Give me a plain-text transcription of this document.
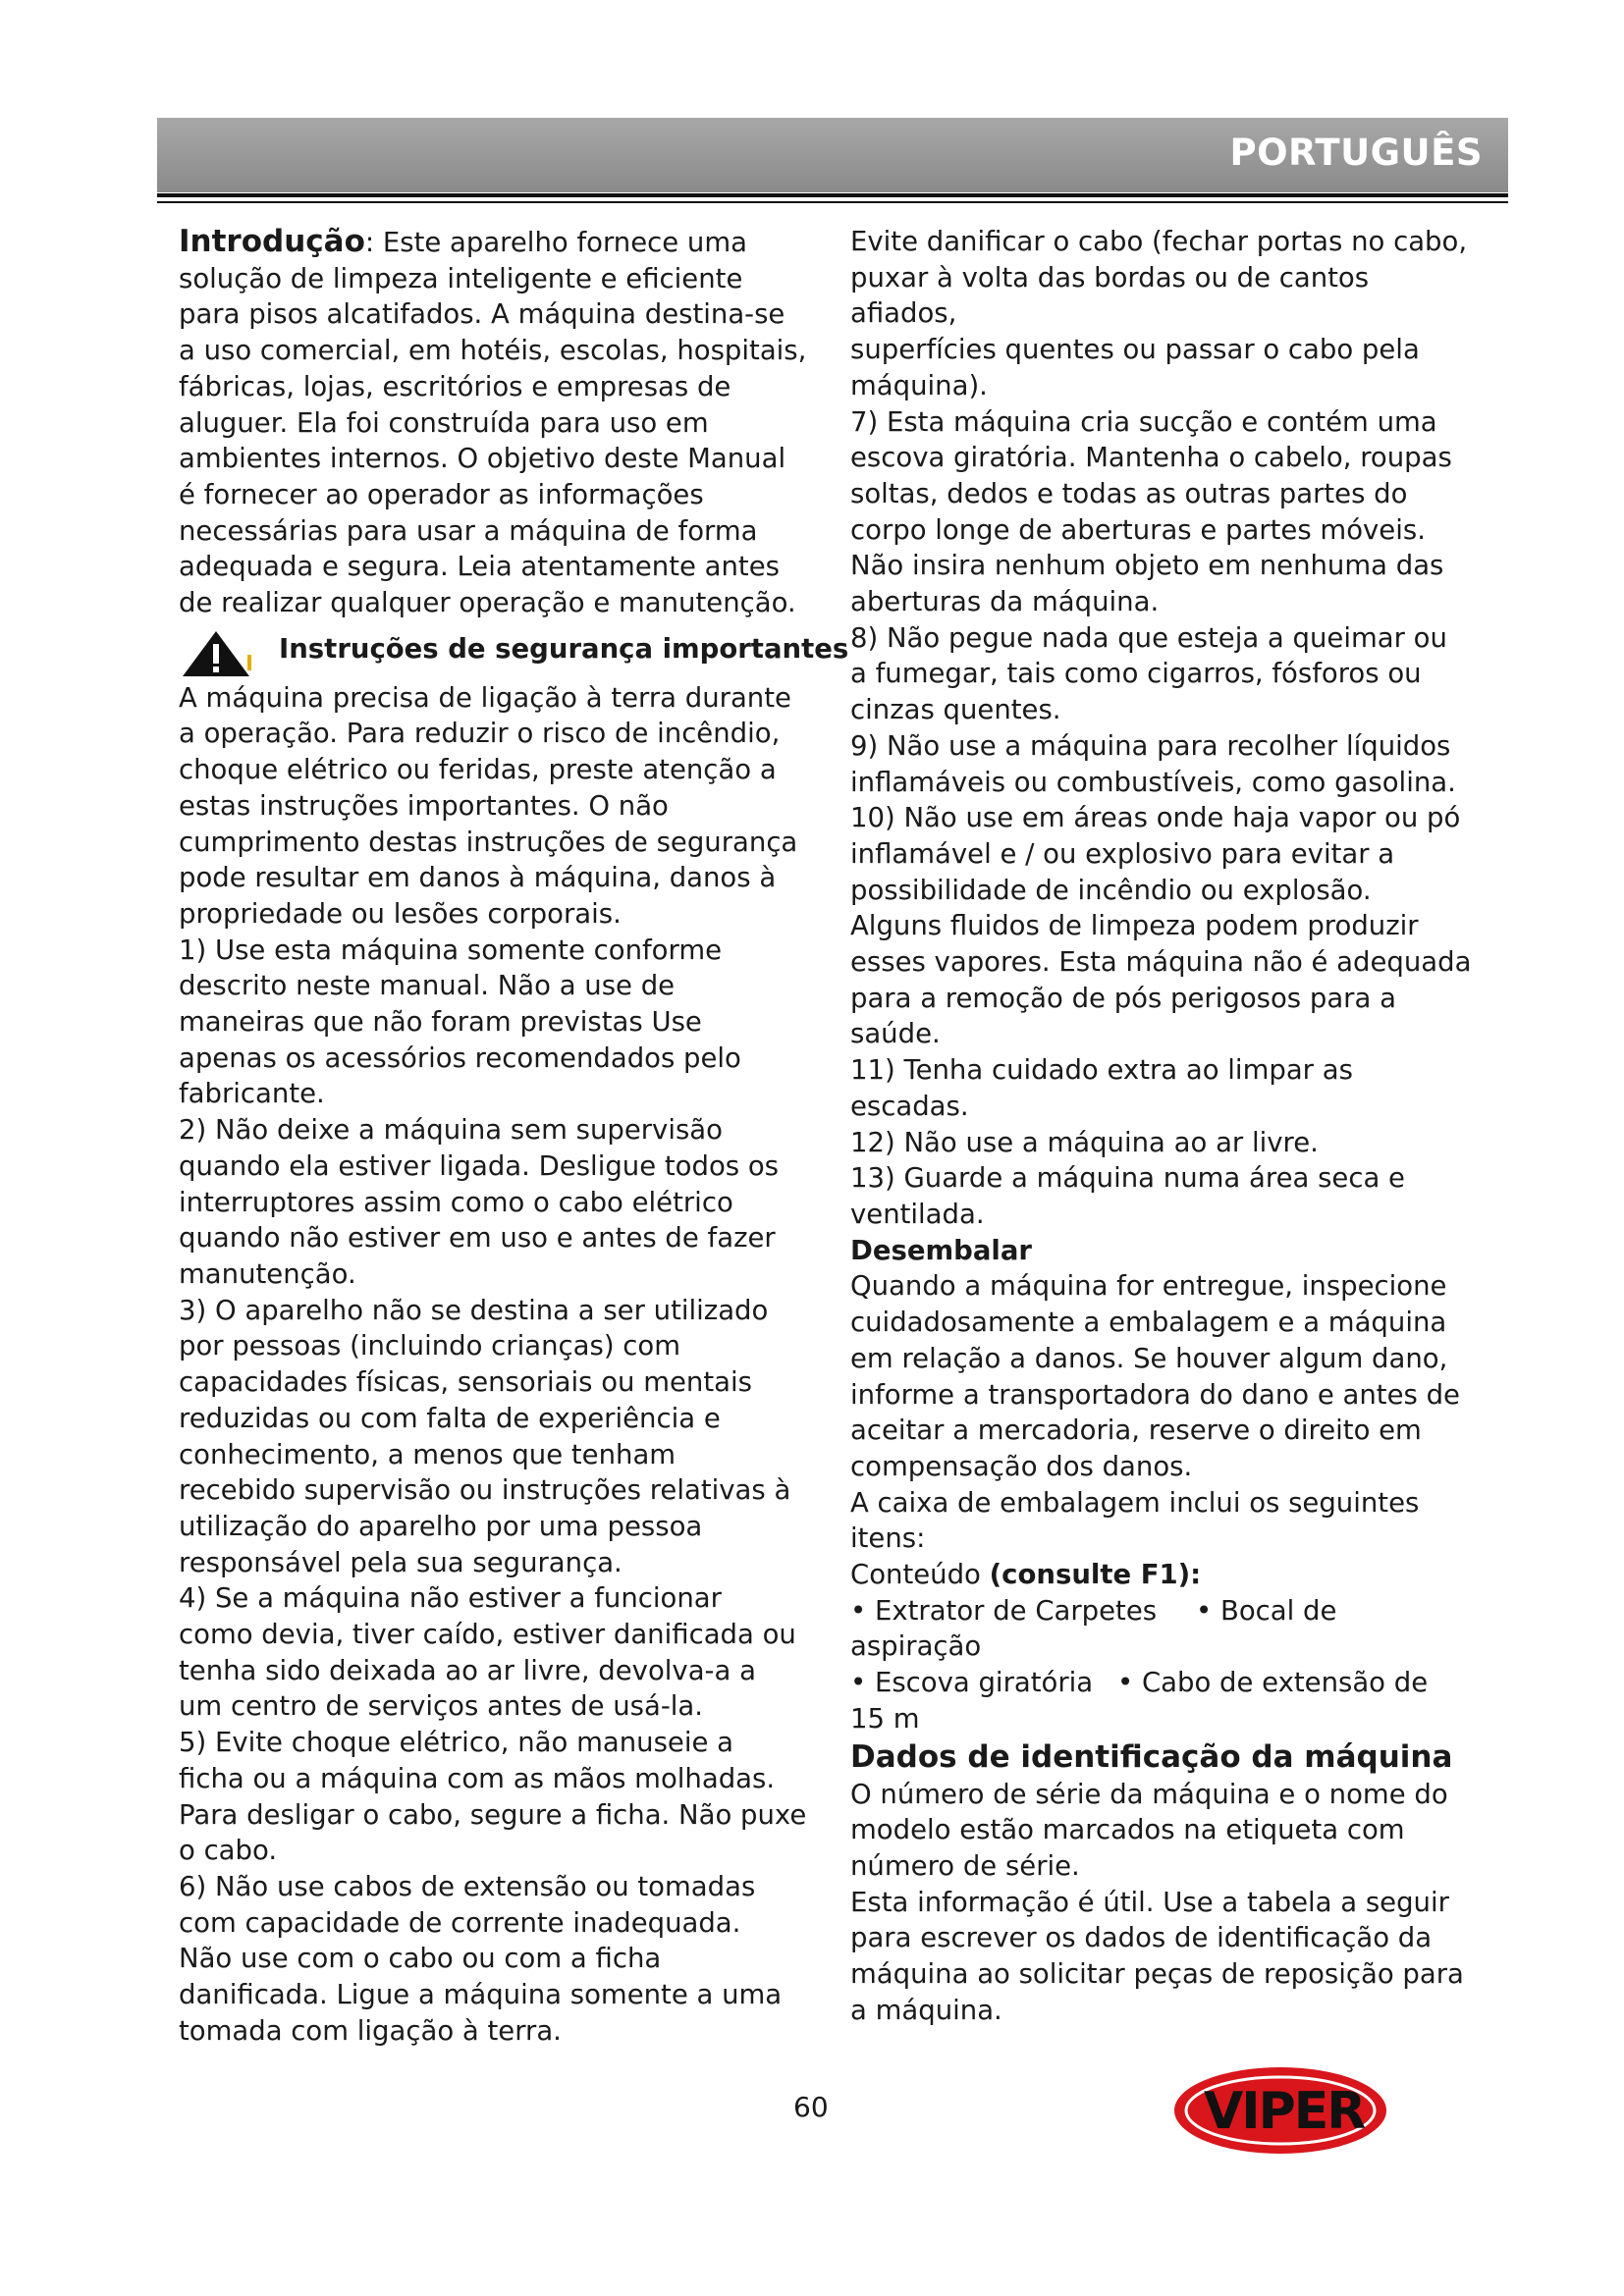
PORTUGUÊS

Introdução: Este aparelho fornece uma
solução de limpeza inteligente e eficiente
para pisos alcatifados. A máquina destina-se
a uso comercial, em hotéis, escolas, hospitais,
fábricas, lojas, escritórios e empresas de
aluguer. Ela foi construída para uso em
ambientes internos. O objetivo deste Manual
é fornecer ao operador as informações
necessárias para usar a máquina de forma
adequada e segura. Leia atentamente antes
de realizar qualquer operação e manutenção.

Instruções de segurança importantes

A máquina precisa de ligação à terra durante
a operação. Para reduzir o risco de incêndio,
choque elétrico ou feridas, preste atenção a
estas instruções importantes. O não
cumprimento destas instruções de segurança
pode resultar em danos à máquina, danos à
propriedade ou lesões corporais.

1) Use esta máquina somente conforme
descrito neste manual. Não a use de
maneiras que não foram previstas Use
apenas os acessórios recomendados pelo
fabricante.

2) Não deixe a máquina sem supervisão
quando ela estiver ligada. Desligue todos os
interruptores assim como o cabo elétrico
quando não estiver em uso e antes de fazer
manutenção.

3) O aparelho não se destina a ser utilizado
por pessoas (incluindo crianças) com
capacidades físicas, sensoriais ou mentais
reduzidas ou com falta de experiência e
conhecimento, a menos que tenham
recebido supervisão ou instruções relativas à
utilização do aparelho por uma pessoa
responsável pela sua segurança.

4) Se a máquina não estiver a funcionar
como devia, tiver caído, estiver danificada ou
tenha sido deixada ao ar livre, devolva-a a
um centro de serviços antes de usá-la.

5) Evite choque elétrico, não manuseie a
ficha ou a máquina com as mãos molhadas.
Para desligar o cabo, segure a ficha. Não puxe
o cabo.

6) Não use cabos de extensão ou tomadas
com capacidade de corrente inadequada.
Não use com o cabo ou com a ficha
danificada. Ligue a máquina somente a uma
tomada com ligação à terra.

Evite danificar o cabo (fechar portas no cabo,
puxar à volta das bordas ou de cantos afiados,
superfícies quentes ou passar o cabo pela
máquina).

7) Esta máquina cria sucção e contém uma
escova giratória. Mantenha o cabelo, roupas
soltas, dedos e todas as outras partes do
corpo longe de aberturas e partes móveis.
Não insira nenhum objeto em nenhuma das
aberturas da máquina.

8) Não pegue nada que esteja a queimar ou
a fumegar, tais como cigarros, fósforos ou
cinzas quentes.

9) Não use a máquina para recolher líquidos
inflamáveis ou combustíveis, como gasolina.

10) Não use em áreas onde haja vapor ou pó
inflamável e / ou explosivo para evitar a
possibilidade de incêndio ou explosão.
Alguns fluidos de limpeza podem produzir
esses vapores. Esta máquina não é adequada
para a remoção de pós perigosos para a
saúde.

11) Tenha cuidado extra ao limpar as
escadas.

12) Não use a máquina ao ar livre.

13) Guarde a máquina numa área seca e
ventilada.

Desembalar

Quando a máquina for entregue, inspecione
cuidadosamente a embalagem e a máquina
em relação a danos. Se houver algum dano,
informe a transportadora do dano e antes de
aceitar a mercadoria, reserve o direito em
compensação dos danos.
A caixa de embalagem inclui os seguintes
itens:

Conteúdo (consulte F1):

• Extrator de Carpetes	• Bocal de

aspiração

• Escova giratória • Cabo de extensão de

15 m

Dados de identificação da máquina

O número de série da máquina e o nome do
modelo estão marcados na etiqueta com
número de série.
Esta informação é útil. Use a tabela a seguir
para escrever os dados de identificação da
máquina ao solicitar peças de reposição para
a máquina.

60	VIPER
